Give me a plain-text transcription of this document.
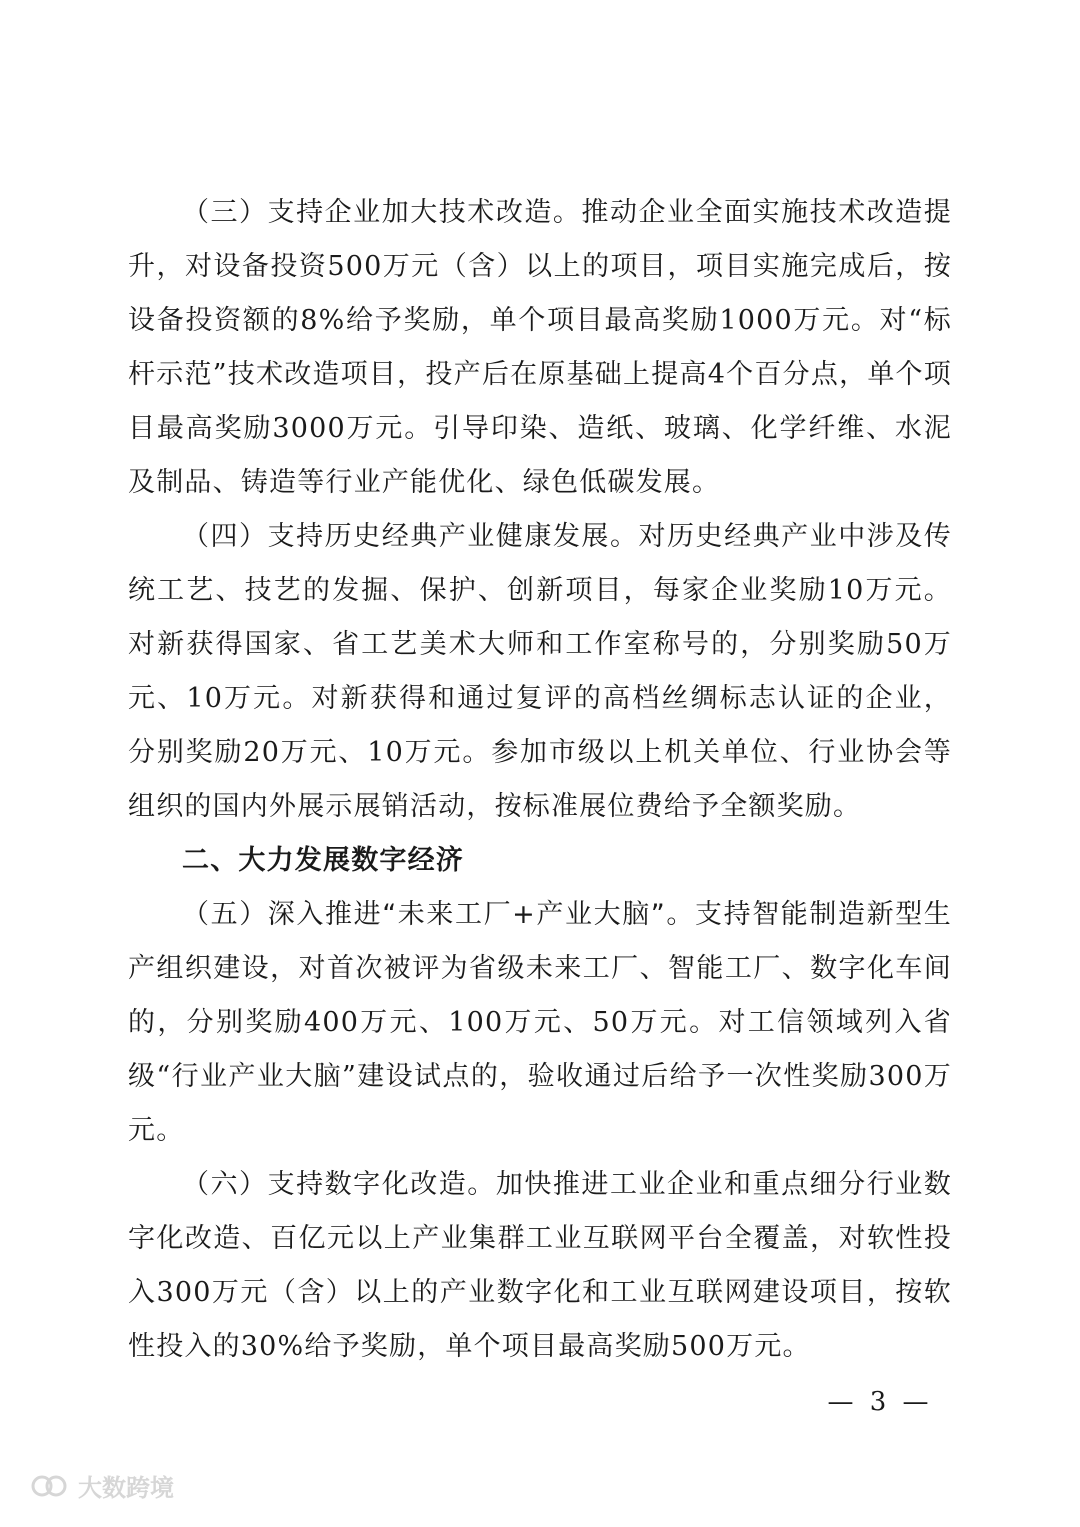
（三）支持企业加大技术改造。推动企业全面实施技术改造提升，对设备投资500万元（含）以上的项目，项目实施完成后，按设备投资额的8%给予奖励，单个项目最高奖励1000万元。对“标杆示范”技术改造项目，投产后在原基础上提高4个百分点，单个项目最高奖励3000万元。引导印染、造纸、玻璃、化学纤维、水泥及制品、铸造等行业产能优化、绿色低碳发展。

（四）支持历史经典产业健康发展。对历史经典产业中涉及传统工艺、技艺的发掘、保护、创新项目，每家企业奖励10万元。对新获得国家、省工艺美术大师和工作室称号的，分别奖励50万元、10万元。对新获得和通过复评的高档丝绸标志认证的企业，分别奖励20万元、10万元。参加市级以上机关单位、行业协会等组织的国内外展示展销活动，按标准展位费给予全额奖励。

二、大力发展数字经济

（五）深入推进“未来工厂+产业大脑”。支持智能制造新型生产组织建设，对首次被评为省级未来工厂、智能工厂、数字化车间的，分别奖励400万元、100万元、50万元。对工信领域列入省级“行业产业大脑”建设试点的，验收通过后给予一次性奖励300万元。

（六）支持数字化改造。加快推进工业企业和重点细分行业数字化改造、百亿元以上产业集群工业互联网平台全覆盖，对软性投入300万元（含）以上的产业数字化和工业互联网建设项目，按软性投入的30%给予奖励，单个项目最高奖励500万元。

— 3 —
大数跨境
